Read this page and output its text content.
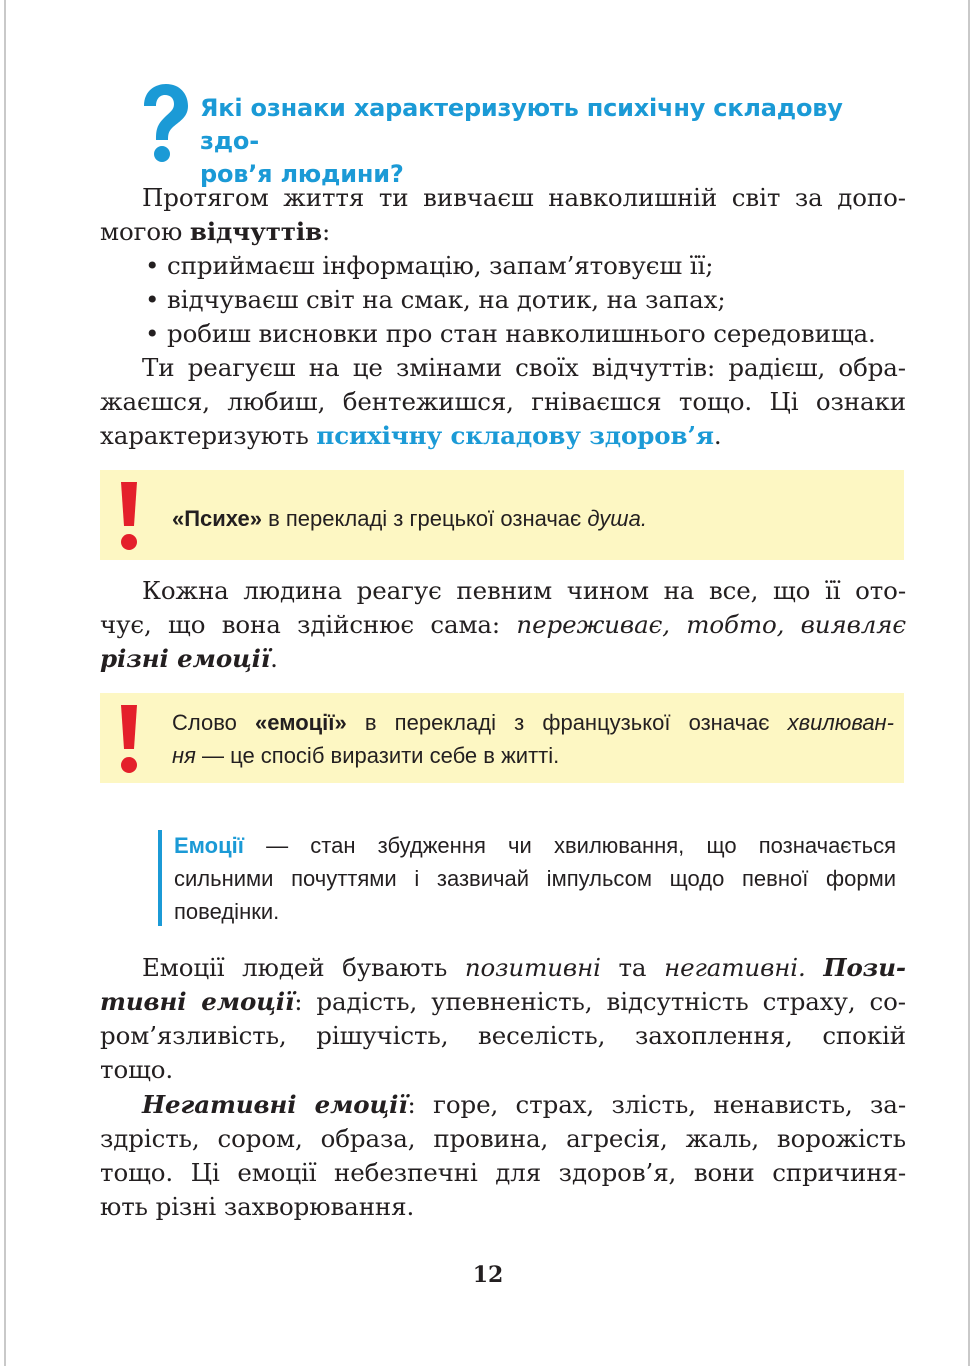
Які ознаки характеризують психічну складову здо-
ров’я людини?
Протягом життя ти вивчаєш навколишній світ за допо-
могою відчуттів:
• сприймаєш інформацію, запам’ятовуєш її;
• відчуваєш світ на смак, на дотик, на запах;
• робиш висновки про стан навколишнього середовища.
Ти реагуєш на це змінами своїх відчуттів: радієш, обра-
жаєшся, любиш, бентежишся, гніваєшся тощо. Ці ознаки
характеризують психічну складову здоров’я.
«Психе» в перекладі з грецької означає душа.
Кожна людина реагує певним чином на все, що її ото-
чує, що вона здійснює сама: переживає, тобто, виявляє
різні емоції.
Слово «емоції» в перекладі з французької означає хвилюван-
ня — це спосіб виразити себе в житті.
Емоції — стан збудження чи хвилювання, що позначається
сильними почуттями і зазвичай імпульсом щодо певної форми
поведінки.
Емоції людей бувають позитивні та негативні. Пози-
тивні емоції: радість, упевненість, відсутність страху, со-
ром’язливість, рішучість, веселість, захоплення, спокій
тощо.
Негативні емоції: горе, страх, злість, ненависть, за-
здрість, сором, образа, провина, агресія, жаль, ворожість
тощо. Ці емоції небезпечні для здоров’я, вони спричиня-
ють різні захворювання.
12
